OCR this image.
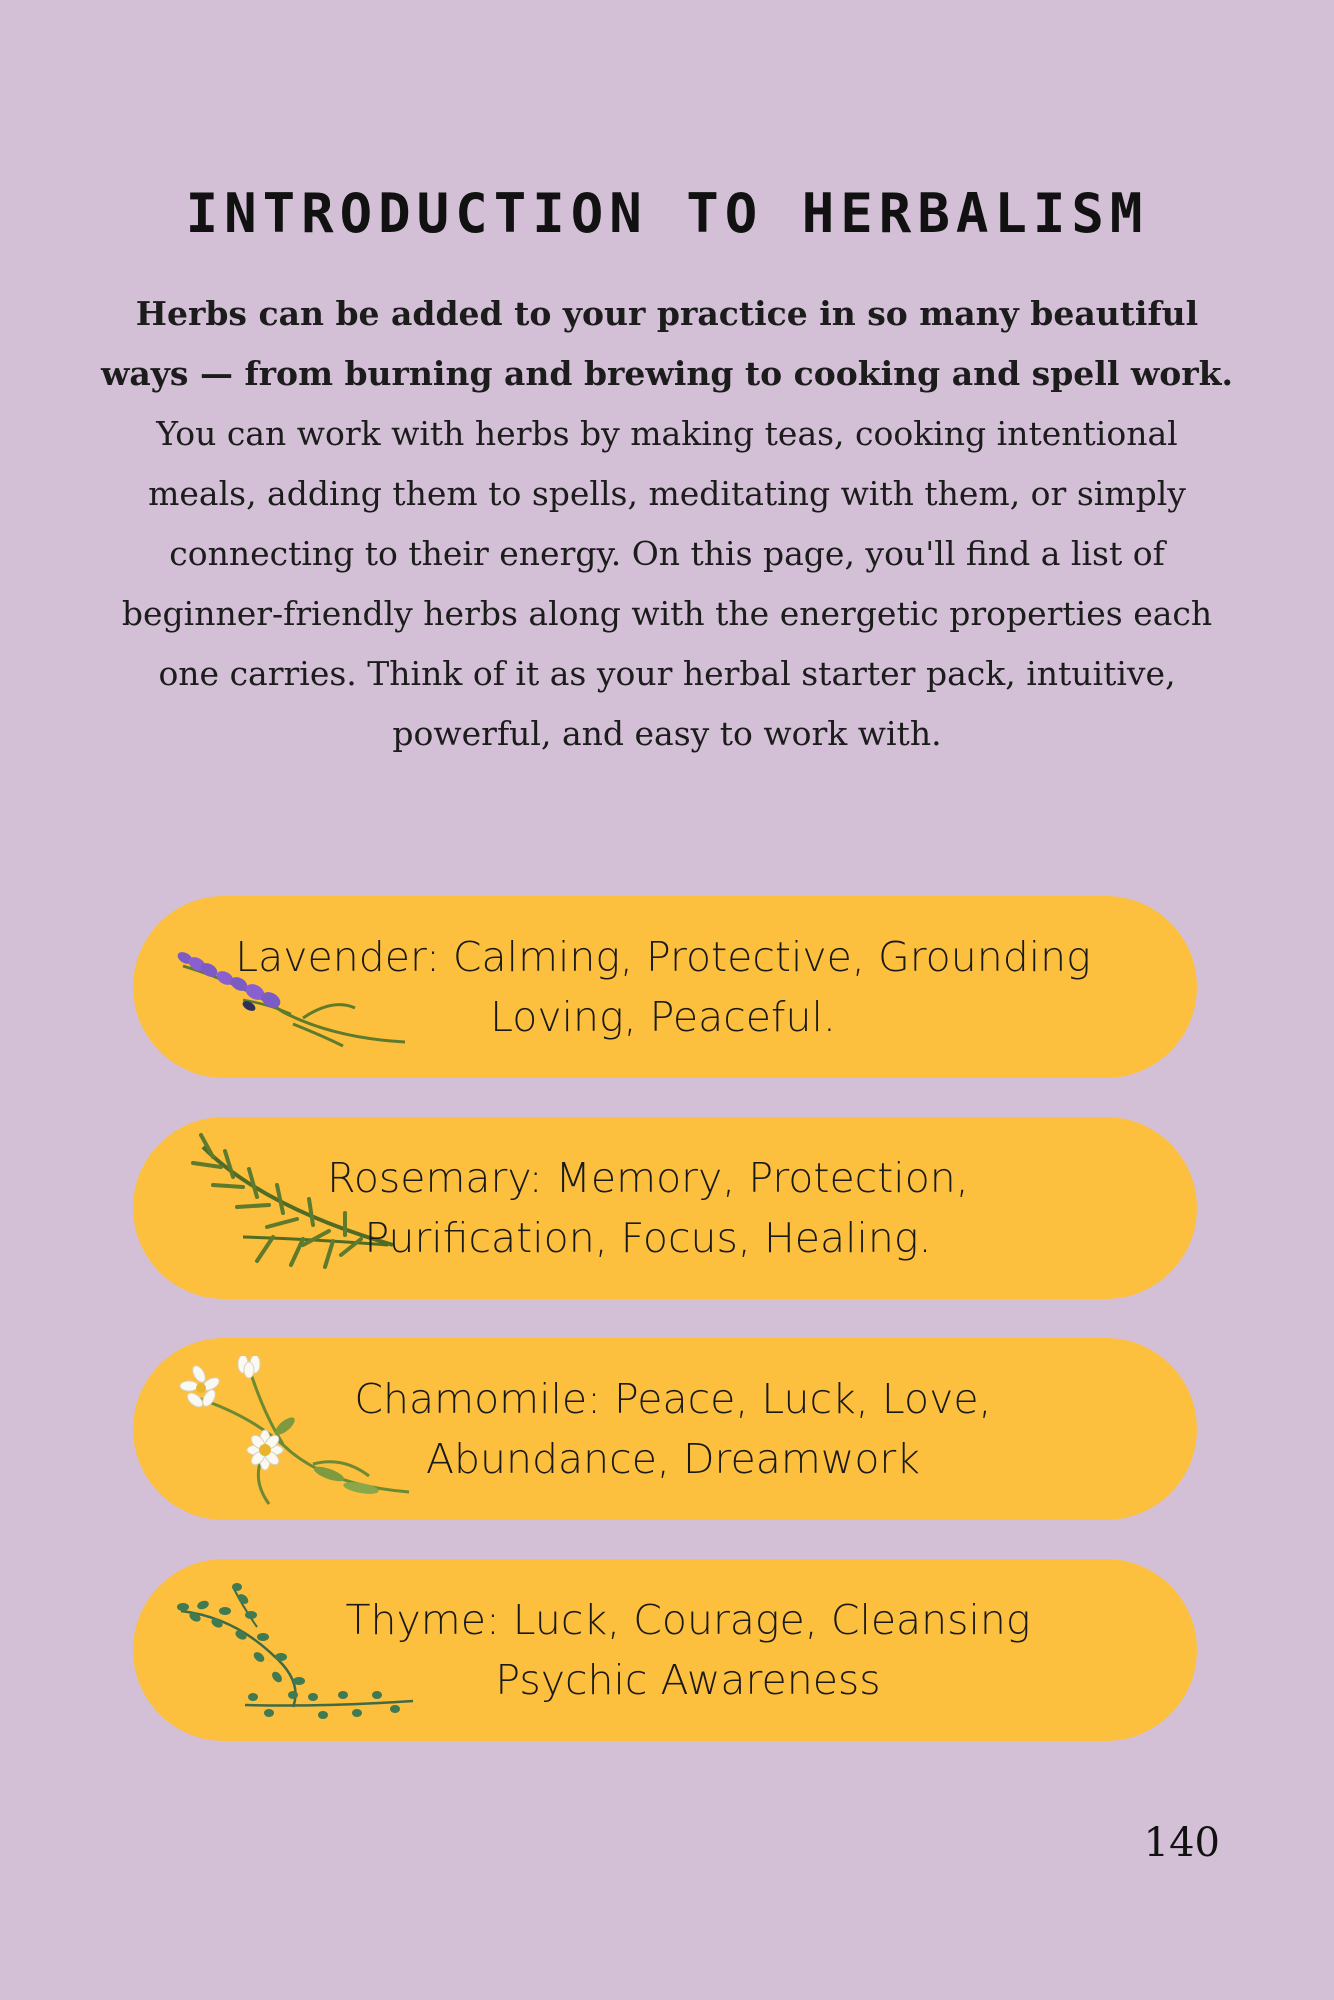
INTRODUCTION TO HERBALISM

Herbs can be added to your practice in so many beautiful ways — from burning and brewing to cooking and spell work. You can work with herbs by making teas, cooking intentional meals, adding them to spells, meditating with them, or simply connecting to their energy. On this page, you'll find a list of beginner-friendly herbs along with the energetic properties each one carries. Think of it as your herbal starter pack, intuitive, powerful, and easy to work with.

Lavender: Calming, Protective, Grounding
Loving, Peaceful.
Rosemary: Memory, Protection,
Purification, Focus, Healing.
Chamomile: Peace, Luck, Love,
Abundance, Dreamwork
Thyme: Luck, Courage, Cleansing
Psychic Awareness
140
